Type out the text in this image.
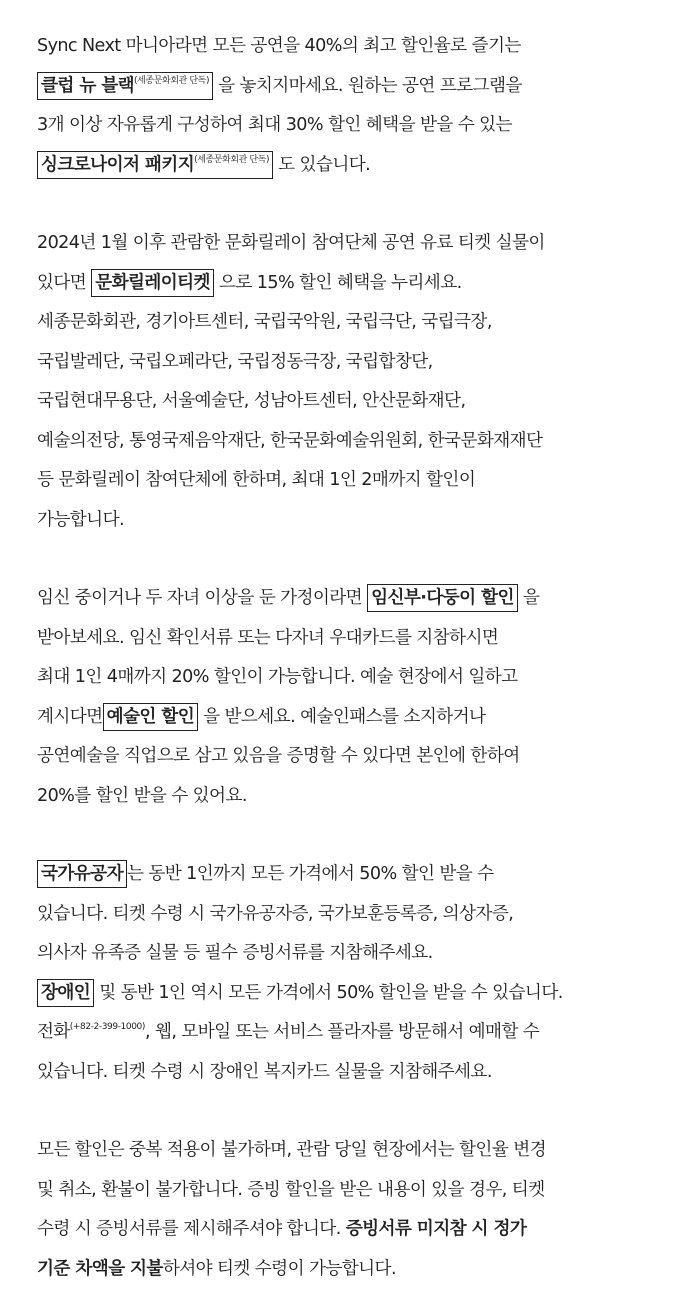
Sync Next 마니아라면 모든 공연을 40%의 최고 할인율로 즐기는
클럽 뉴 블랙$^{(세종문화회관 단독)}$ 을 놓치지마세요. 원하는 공연 프로그램을
3개 이상 자유롭게 구성하여 최대 30% 할인 혜택을 받을 수 있는
싱크로나이저 패키지$^{(세종문화회관 단독)}$ 도 있습니다.
2024년 1월 이후 관람한 문화릴레이 참여단체 공연 유료 티켓 실물이
있다면 문화릴레이티켓 으로 15% 할인 혜택을 누리세요.
세종문화회관, 경기아트센터, 국립국악원, 국립극단, 국립극장,
국립발레단, 국립오페라단, 국립정동극장, 국립합창단,
국립현대무용단, 서울예술단, 성남아트센터, 안산문화재단,
예술의전당, 통영국제음악재단, 한국문화예술위원회, 한국문화재재단
등 문화릴레이 참여단체에 한하며, 최대 1인 2매까지 할인이
가능합니다.
임신 중이거나 두 자녀 이상을 둔 가정이라면 임신부·다둥이 할인 을
받아보세요. 임신 확인서류 또는 다자녀 우대카드를 지참하시면
최대 1인 4매까지 20% 할인이 가능합니다. 예술 현장에서 일하고
계시다면 예술인 할인 을 받으세요. 예술인패스를 소지하거나
공연예술을 직업으로 삼고 있음을 증명할 수 있다면 본인에 한하여
20%를 할인 받을 수 있어요.
국가유공자 는 동반 1인까지 모든 가격에서 50% 할인 받을 수
있습니다. 티켓 수령 시 국가유공자증, 국가보훈등록증, 의상자증,
의사자 유족증 실물 등 필수 증빙서류를 지참해주세요.
장애인 및 동반 1인 역시 모든 가격에서 50% 할인을 받을 수 있습니다.
전화$^{(+82-2-399-1000)}$, 웹, 모바일 또는 서비스 플라자를 방문해서 예매할 수
있습니다. 티켓 수령 시 장애인 복지카드 실물을 지참해주세요.
모든 할인은 중복 적용이 불가하며, 관람 당일 현장에서는 할인율 변경
및 취소, 환불이 불가합니다. 증빙 할인을 받은 내용이 있을 경우, 티켓
수령 시 증빙서류를 제시해주셔야 합니다. 증빙서류 미지참 시 정가
기준 차액을 지불하셔야 티켓 수령이 가능합니다.
